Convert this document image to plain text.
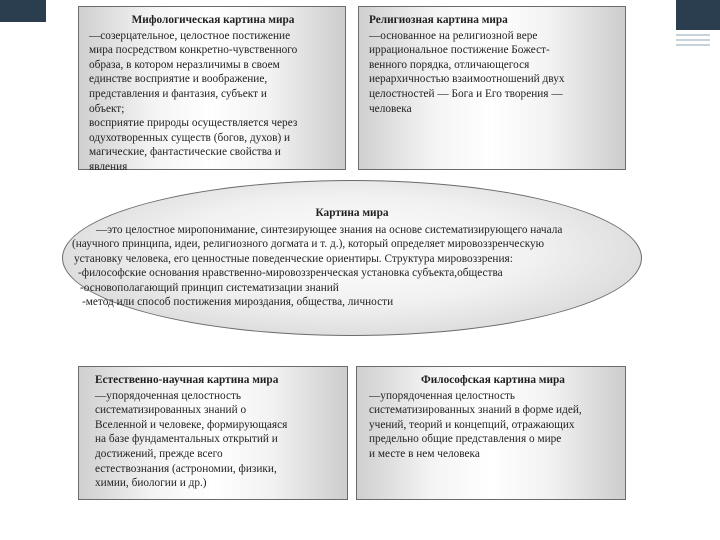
Мифологическая картина мира
—созерцательное, целостное постижение
мира посредством конкретно-чувственного
образа, в котором неразличимы в своем
единстве восприятие и воображение,
представления и фантазия, субъект и
объект;
восприятие природы осуществляется через
одухотворенных существ (богов, духов) и
магические, фантастические свойства и
явления
Религиозная картина мира
—основанное на религиозной вере
иррациональное постижение Божест-
венного порядка, отличающегося
иерархичностью взаимоотношений двух
целостностей — Бога и Его творения —
человека
Картина мира
—это целостное миропонимание, синтезирующее знания на основе систематизирующего начала
(научного принципа, идеи, религиозного догмата и т. д.), который определяет мировоззренческую
установку человека, его ценностные поведенческие ориентиры. Структура мировоззрения:
-философские основания нравственно-мировоззренческая установка субъекта,общества
-основополагающий принцип систематизации знаний
-метод или способ постижения мироздания, общества, личности
Естественно-научная картина мира
—упорядоченная целостность
систематизированных знаний о
Вселенной и человеке, формирующаяся
на базе фундаментальных открытий и
достижений, прежде всего
естествознания (астрономии, физики,
химии, биологии и др.)
Философская картина мира
—упорядоченная целостность
систематизированных знаний в форме идей,
учений, теорий и концепций, отражающих
предельно общие представления о мире
и месте в нем человека
